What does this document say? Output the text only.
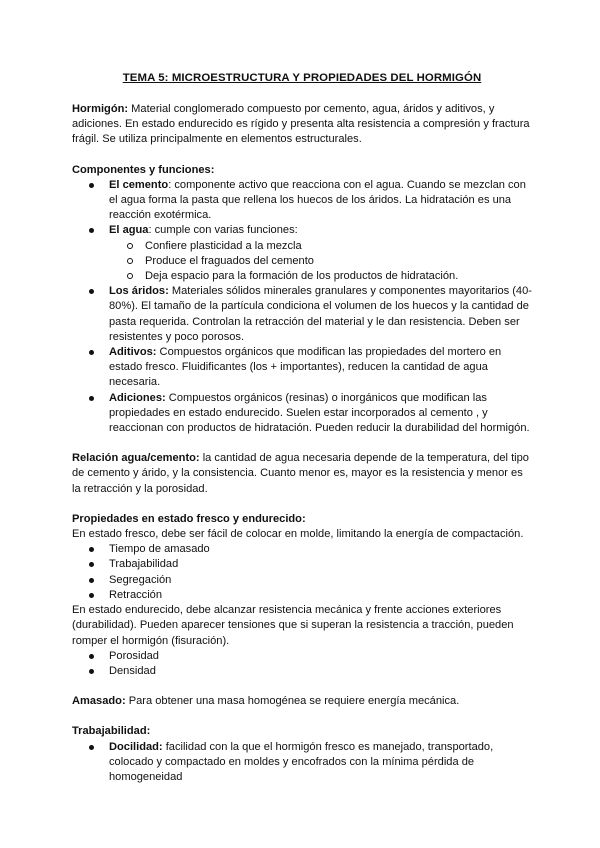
TEMA 5: MICROESTRUCTURA Y PROPIEDADES DEL HORMIGÓN

Hormigón: Material conglomerado compuesto por cemento, agua, áridos y aditivos, y adiciones. En estado endurecido es rígido y presenta alta resistencia a compresión y fractura frágil. Se utiliza principalmente en elementos estructurales.

Componentes y funciones:

El cemento: componente activo que reacciona con el agua. Cuando se mezclan con el agua forma la pasta que rellena los huecos de los áridos. La hidratación es una reacción exotérmica.
El agua: cumple con varias funciones:
Confiere plasticidad a la mezcla
Produce el fraguados del cemento
Deja espacio para la formación de los productos de hidratación.
Los áridos: Materiales sólidos minerales granulares y componentes mayoritarios (40-80%). El tamaño de la partícula condiciona el volumen de los huecos y la cantidad de pasta requerida. Controlan la retracción del material y le dan resistencia. Deben ser resistentes y poco porosos.
Aditivos: Compuestos orgánicos que modifican las propiedades del mortero en estado fresco. Fluidificantes (los + importantes), reducen la cantidad de agua necesaria.
Adiciones: Compuestos orgánicos (resinas) o inorgánicos que modifican las propiedades en estado endurecido. Suelen estar incorporados al cemento , y reaccionan con productos de hidratación. Pueden reducir la durabilidad del hormigón.

Relación agua/cemento: la cantidad de agua necesaria depende de la temperatura, del tipo de cemento y árido, y la consistencia. Cuanto menor es, mayor es la resistencia y menor es la retracción y la porosidad.

Propiedades en estado fresco y endurecido:

En estado fresco, debe ser fácil de colocar en molde, limitando la energía de compactación.

Tiempo de amasado
Trabajabilidad
Segregación
Retracción

En estado endurecido, debe alcanzar resistencia mecánica y frente acciones exteriores (durabilidad). Pueden aparecer tensiones que si superan la resistencia a tracción, pueden romper el hormigón (fisuración).

Porosidad
Densidad

Amasado: Para obtener una masa homogénea se requiere energía mecánica.

Trabajabilidad:

Docilidad: facilidad con la que el hormigón fresco es manejado, transportado, colocado y compactado en moldes y encofrados con la mínima pérdida de homogeneidad
